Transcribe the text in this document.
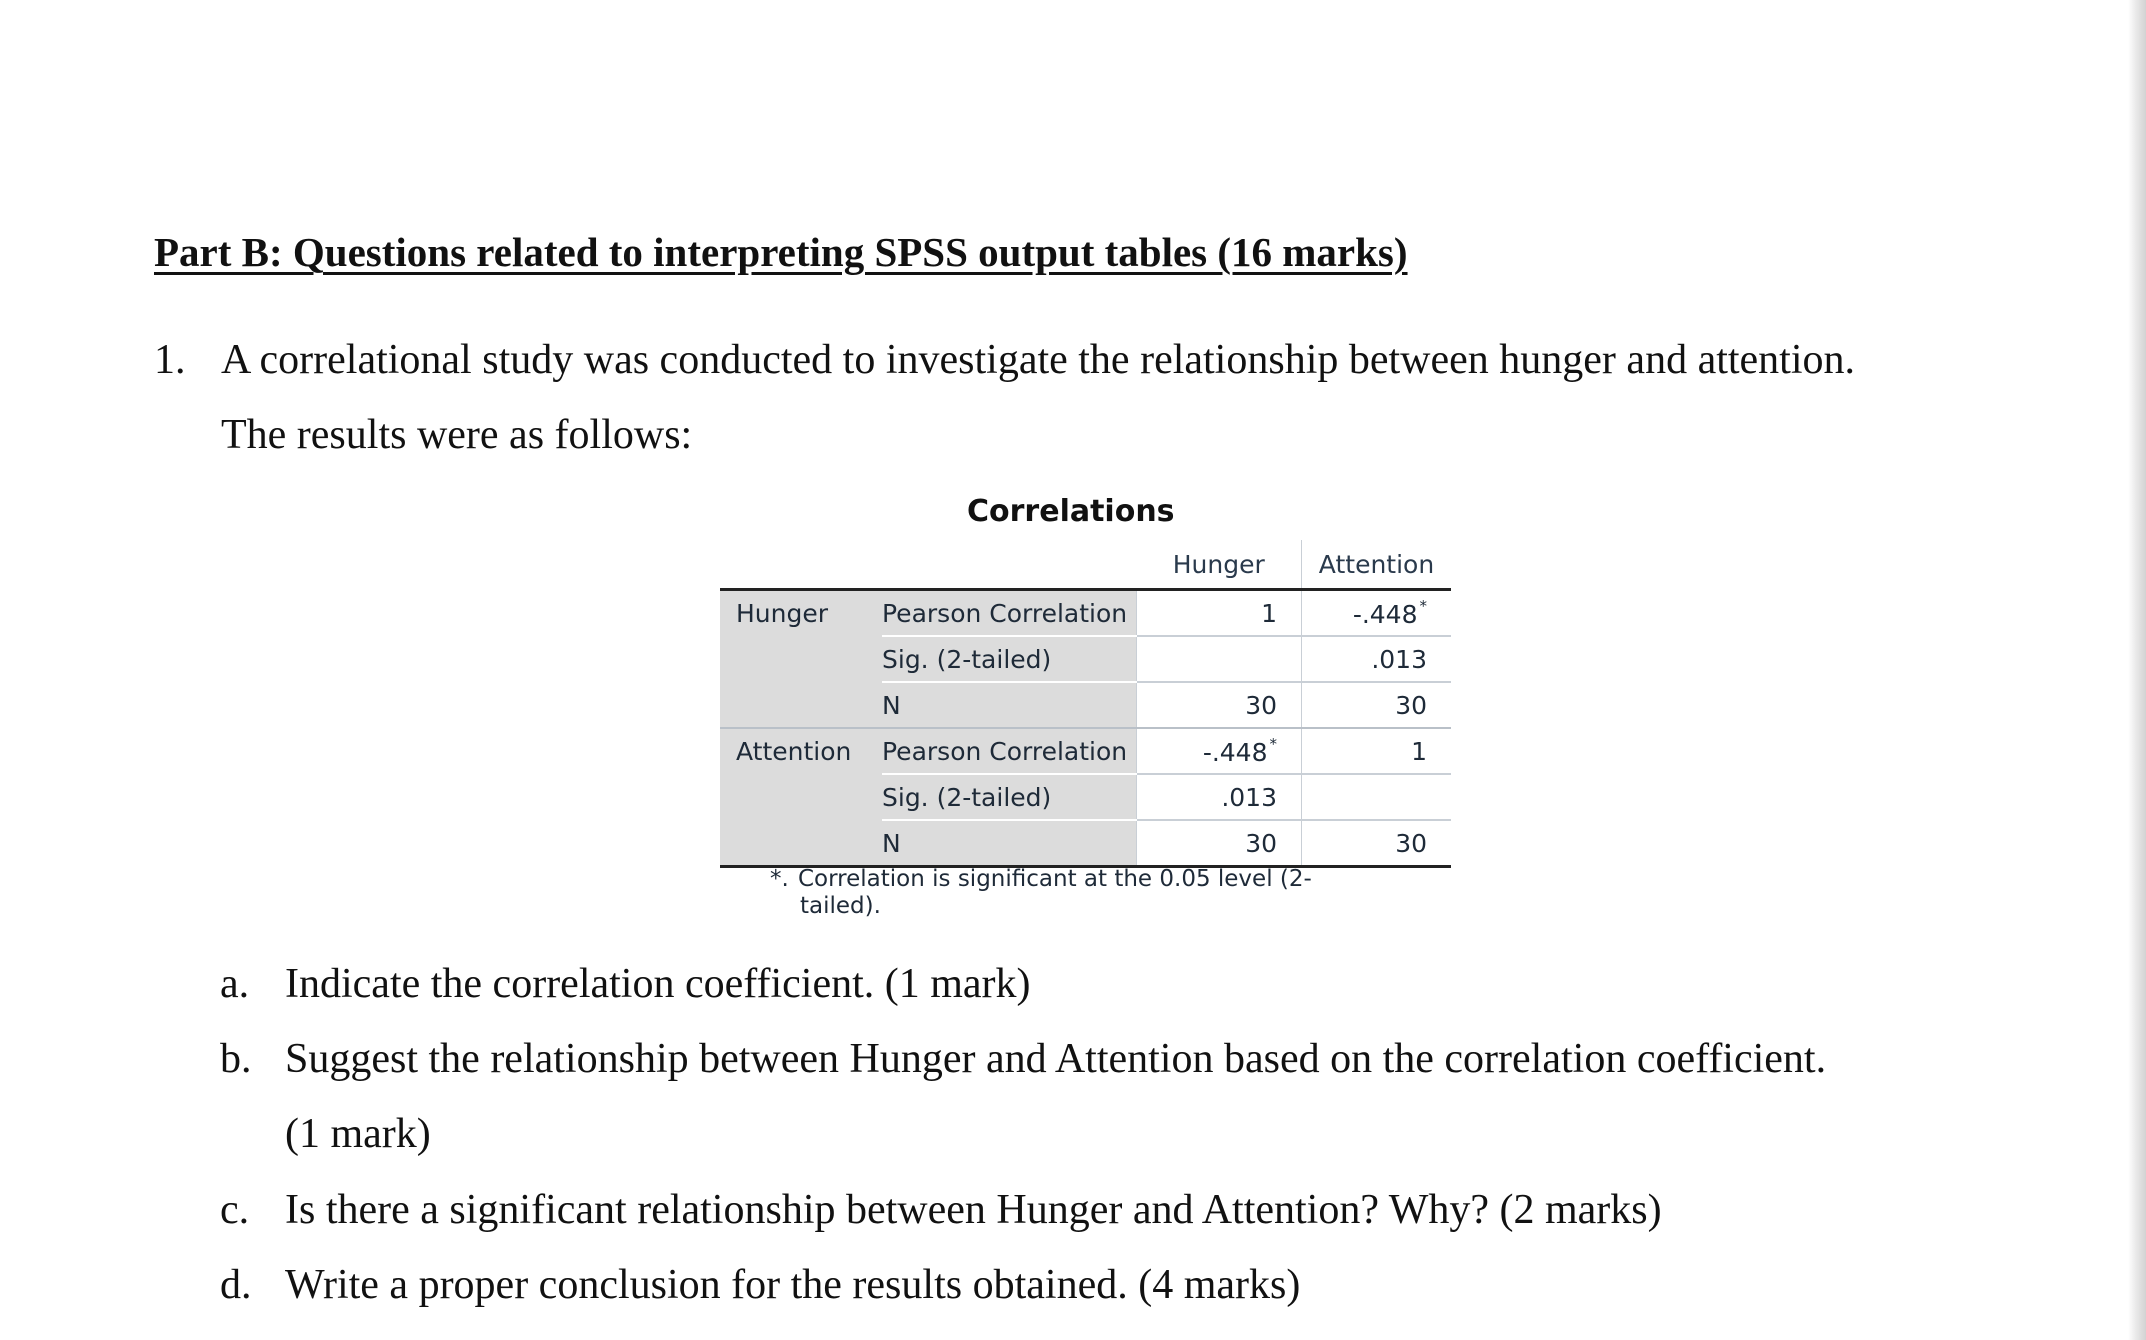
Part B: Questions related to interpreting SPSS output tables (16 marks)
1. A correlational study was conducted to investigate the relationship between hunger and attention.
The results were as follows:
Correlations
		Hunger	Attention
Hunger	Pearson Correlation	1	-.448 *
	Sig. (2-tailed)		.013
	N	30	30
Attention	Pearson Correlation	-.448 *	1
	Sig. (2-tailed)	.013	
	N	30	30
*. Correlation is significant at the 0.05 level (2-
tailed).
a. Indicate the correlation coefficient. (1 mark)
b. Suggest the relationship between Hunger and Attention based on the correlation coefficient.
(1 mark)
c. Is there a significant relationship between Hunger and Attention? Why? (2 marks)
d. Write a proper conclusion for the results obtained. (4 marks)
